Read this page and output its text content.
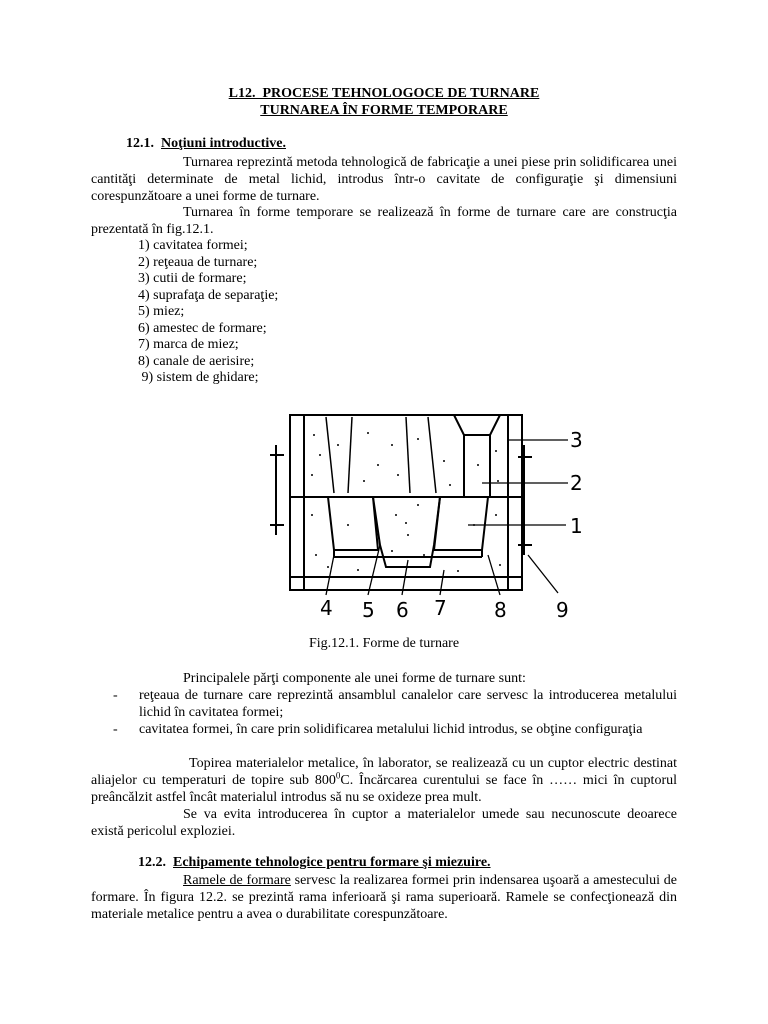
L12. PROCESE TEHNOLOGOCE DE TURNARE
TURNAREA ÎN FORME TEMPORARE
12.1. Noţiuni introductive.
Turnarea reprezintă metoda tehnologică de fabricaţie a unei piese prin solidificarea unei cantităţi determinate de metal lichid, introdus într-o cavitate de configuraţie şi dimensiuni corespunzătoare a unei forme de turnare.
Turnarea în forme temporare se realizează în forme de turnare care are construcţia prezentată în fig.12.1.
1) cavitatea formei;
2) reţeaua de turnare;
3) cutii de formare;
4) suprafaţa de separaţie;
5) miez;
6) amestec de formare;
7) marca de miez;
8) canale de aerisire;
9) sistem de ghidare;
3
2
1
4 5 6 7 8 9
Fig.12.1. Forme de turnare
Principalele părţi componente ale unei forme de turnare sunt:
- reţeaua de turnare care reprezintă ansamblul canalelor care servesc la introducerea metalului lichid în cavitatea formei;
- cavitatea formei, în care prin solidificarea metalului lichid introdus, se obţine configuraţia
Topirea materialelor metalice, în laborator, se realizează cu un cuptor electric destinat aliajelor cu temperaturi de topire sub $800^0C$. Încărcarea curentului se face în …… mici în cuptorul preâncălzit astfel încât materialul introdus să nu se oxideze prea mult.
Se va evita introducerea în cuptor a materialelor umede sau necunoscute deoarece există pericolul exploziei.
12.2. Echipamente tehnologice pentru formare şi miezuire.
Ramele de formare servesc la realizarea formei prin indensarea uşoară a amestecului de formare. În figura 12.2. se prezintă rama inferioară şi rama superioară. Ramele se confecţionează din materiale metalice pentru a avea o durabilitate corespunzătoare.
